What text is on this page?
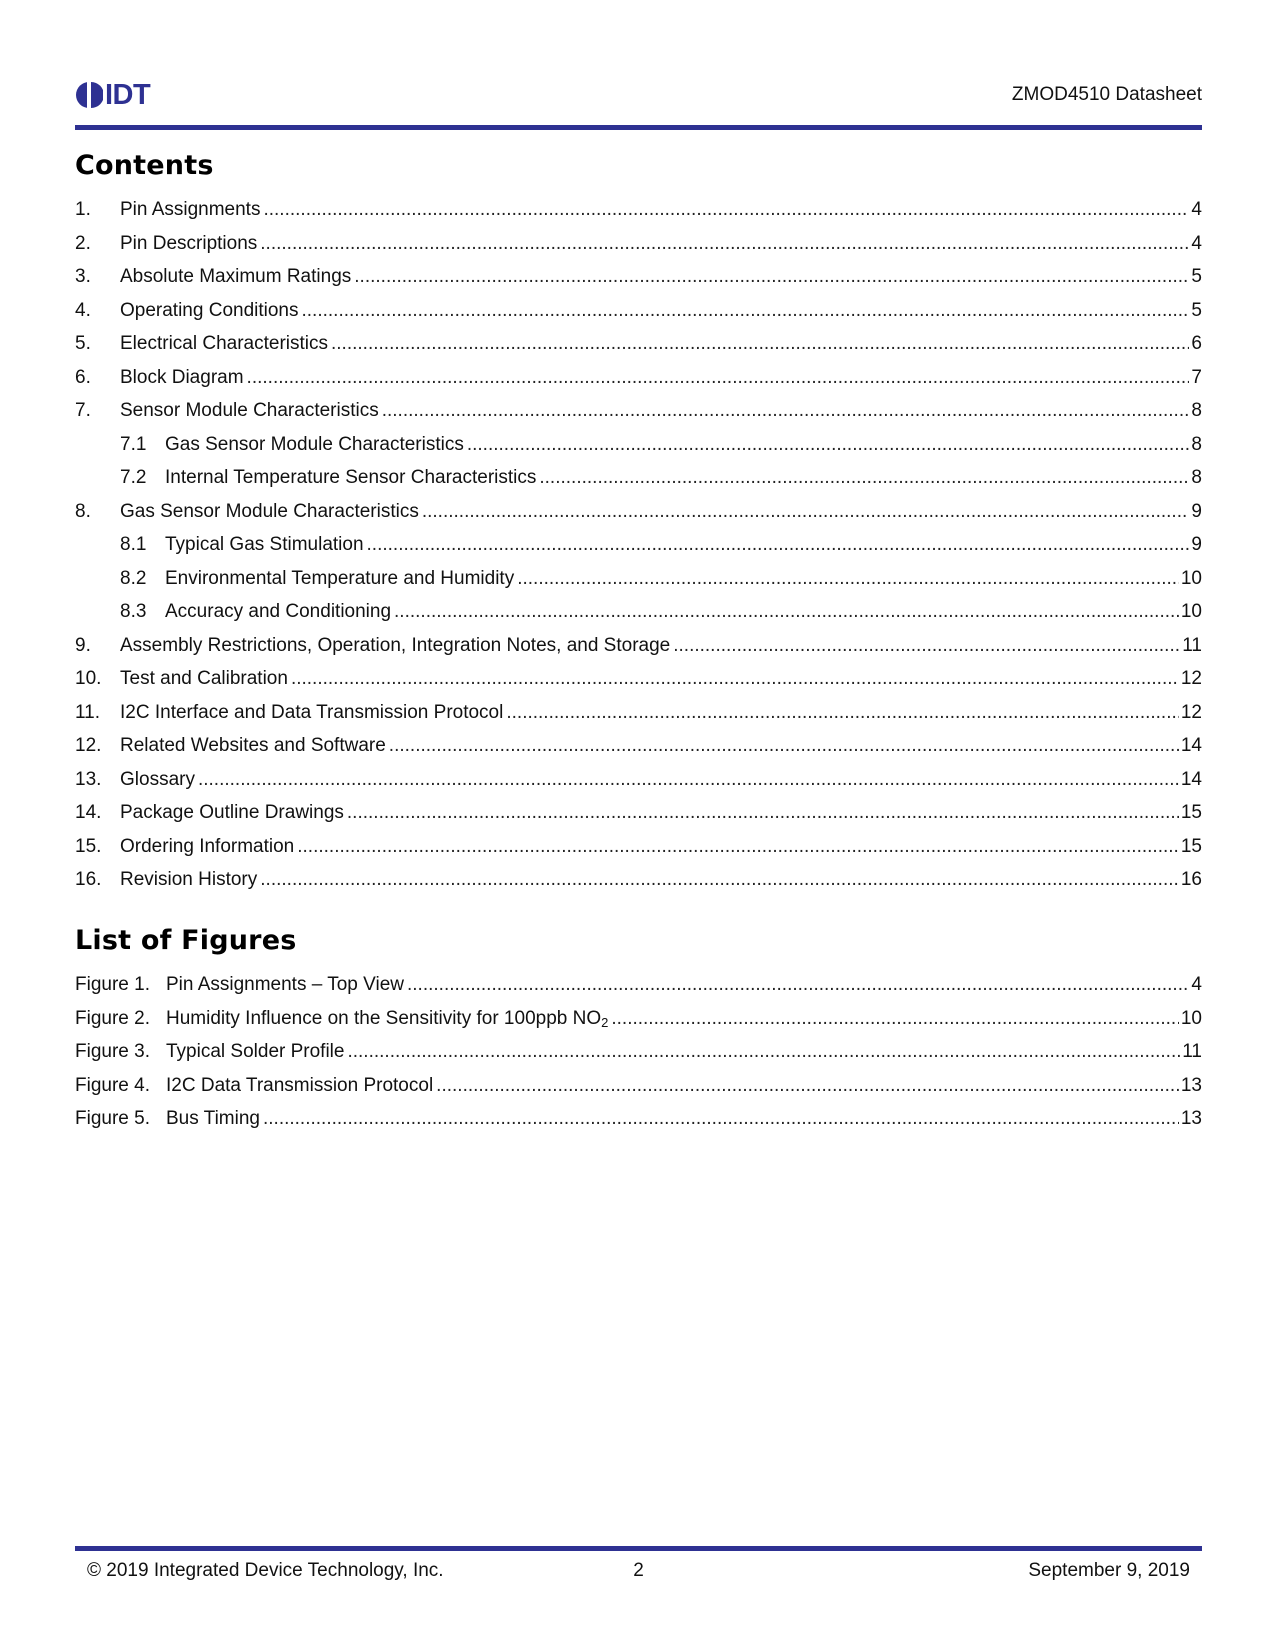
IDT	ZMOD4510 Datasheet
Contents
1.	Pin Assignments .....	4
2.	Pin Descriptions .....	4
3.	Absolute Maximum Ratings .....	5
4.	Operating Conditions .....	5
5.	Electrical Characteristics .....	6
6.	Block Diagram .....	7
7.	Sensor Module Characteristics .....	8
7.1 Gas Sensor Module Characteristics .....	8
7.2 Internal Temperature Sensor Characteristics .....	8
8.	Gas Sensor Module Characteristics .....	9
8.1 Typical Gas Stimulation .....	9
8.2 Environmental Temperature and Humidity .....	10
8.3 Accuracy and Conditioning .....	10
9.	Assembly Restrictions, Operation, Integration Notes, and Storage .....	11
10. Test and Calibration .....	12
11.	I2C Interface and Data Transmission Protocol .....	12
12. Related Websites and Software .....	14
13. Glossary .....	14
14. Package Outline Drawings .....	15
15. Ordering Information .....	15
16. Revision History .....	16
List of Figures
Figure 1. Pin Assignments – Top View .....	4
Figure 2. Humidity Influence on the Sensitivity for 100ppb $NO_2$ .....	10
Figure 3. Typical Solder Profile .....	11
Figure 4. I2C Data Transmission Protocol .....	13
Figure 5. Bus Timing .....	13
© 2019 Integrated Device Technology, Inc.	2	September 9, 2019
